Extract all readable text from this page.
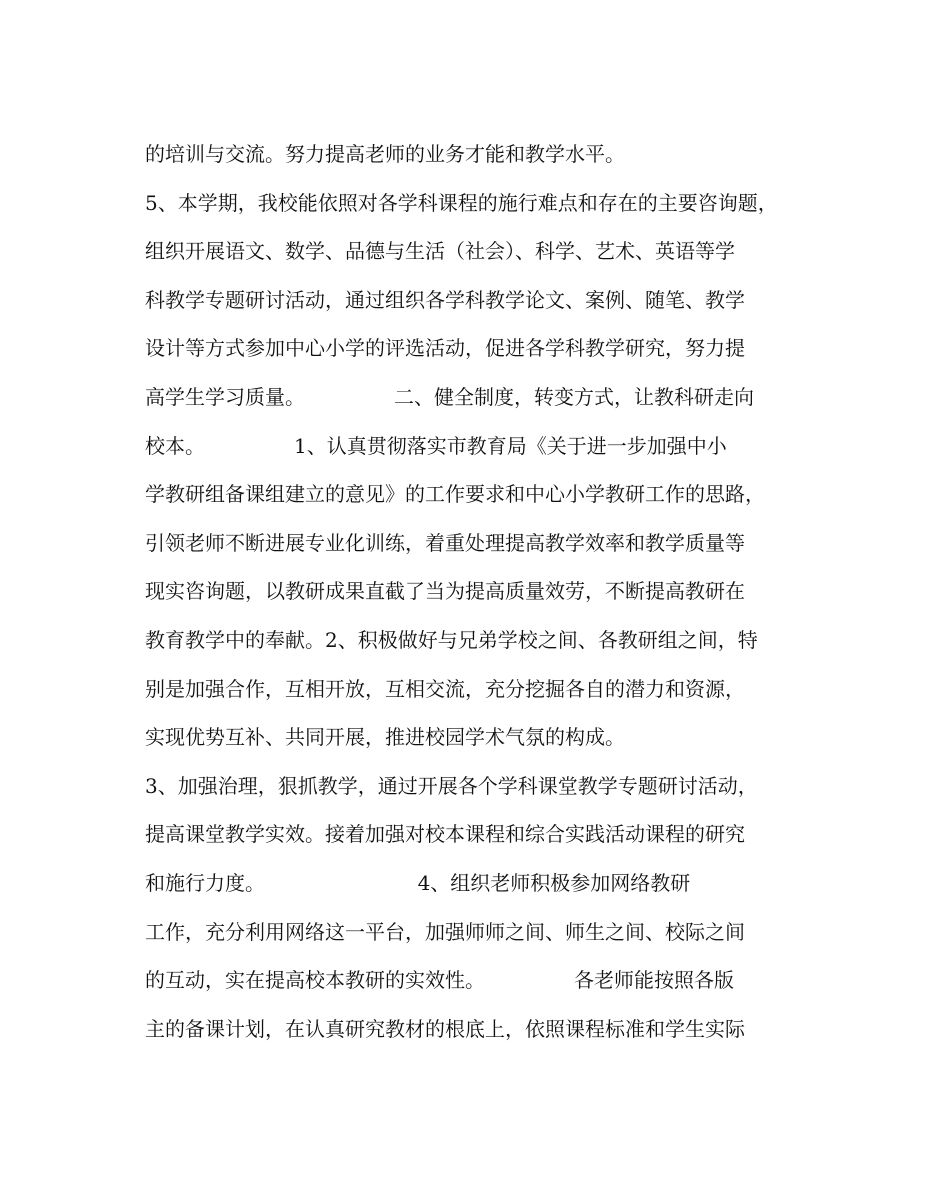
的培训与交流。努力提高老师的业务才能和教学水平。
5、本学期，我校能依照对各学科课程的施行难点和存在的主要咨询题，
组织开展语文、数学、品德与生活（社会）、科学、艺术、英语等学
科教学专题研讨活动，通过组织各学科教学论文、案例、随笔、教学
设计等方式参加中心小学的评选活动，促进各学科教学研究，努力提
高学生学习质量。              二、健全制度，转变方式，让教科研走向
校本。              1、认真贯彻落实市教育局《关于进一步加强中小
学教研组备课组建立的意见》的工作要求和中心小学教研工作的思路，
引领老师不断进展专业化训练，着重处理提高教学效率和教学质量等
现实咨询题，以教研成果直截了当为提高质量效劳，不断提高教研在
教育教学中的奉献。2、积极做好与兄弟学校之间、各教研组之间，特
别是加强合作，互相开放，互相交流，充分挖掘各自的潜力和资源，
实现优势互补、共同开展，推进校园学术气氛的构成。
3、加强治理，狠抓教学，通过开展各个学科课堂教学专题研讨活动，
提高课堂教学实效。接着加强对校本课程和综合实践活动课程的研究
和施行力度。                        4、组织老师积极参加网络教研
工作，充分利用网络这一平台，加强师师之间、师生之间、校际之间
的互动，实在提高校本教研的实效性。              各老师能按照各版
主的备课计划，在认真研究教材的根底上，依照课程标准和学生实际
